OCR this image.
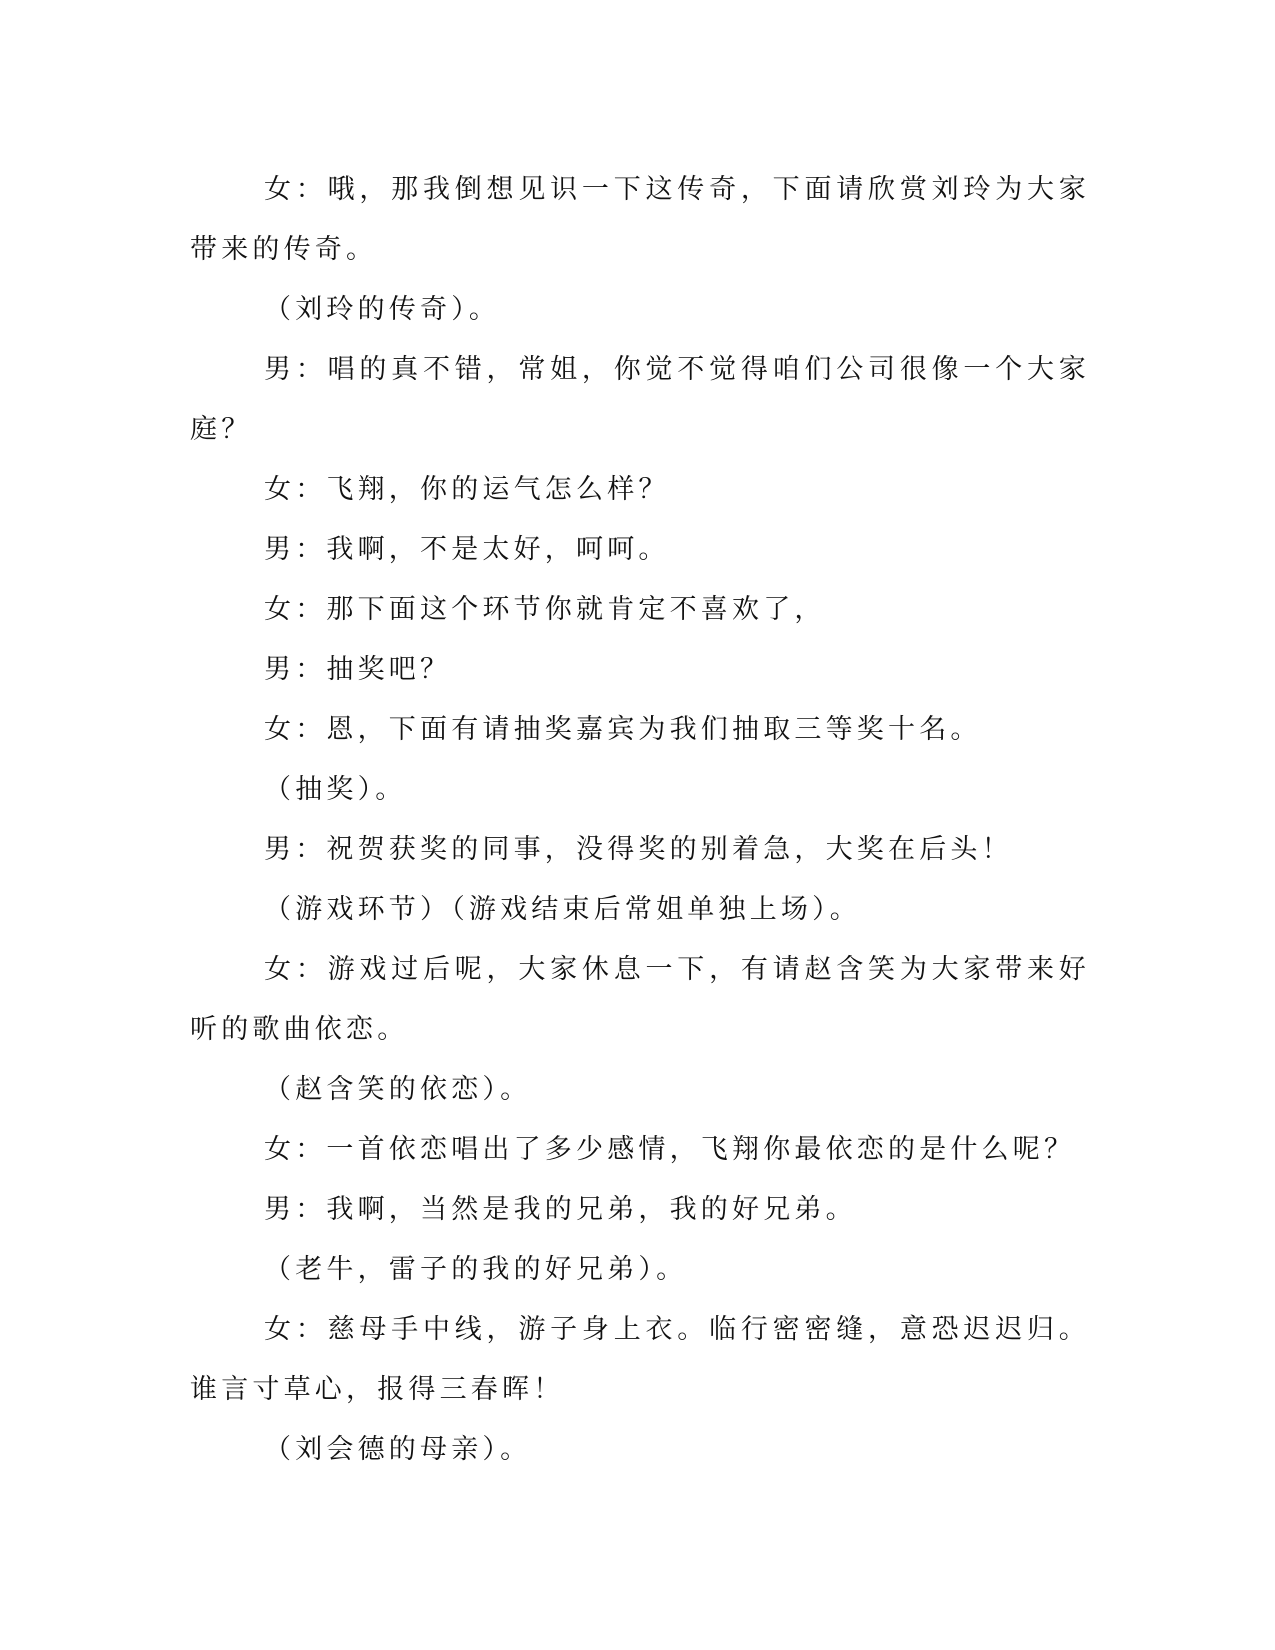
女：哦，那我倒想见识一下这传奇，下面请欣赏刘玲为大家带来的传奇。

（刘玲的传奇）。

男：唱的真不错，常姐，你觉不觉得咱们公司很像一个大家庭？

女：飞翔，你的运气怎么样？

男：我啊，不是太好，呵呵。

女：那下面这个环节你就肯定不喜欢了，

男：抽奖吧？

女：恩，下面有请抽奖嘉宾为我们抽取三等奖十名。

（抽奖）。

男：祝贺获奖的同事，没得奖的别着急，大奖在后头！

（游戏环节）（游戏结束后常姐单独上场）。

女：游戏过后呢，大家休息一下，有请赵含笑为大家带来好听的歌曲依恋。

（赵含笑的依恋）。

女：一首依恋唱出了多少感情，飞翔你最依恋的是什么呢？

男：我啊，当然是我的兄弟，我的好兄弟。

（老牛，雷子的我的好兄弟）。

女：慈母手中线，游子身上衣。临行密密缝，意恐迟迟归。谁言寸草心，报得三春晖！

（刘会德的母亲）。
